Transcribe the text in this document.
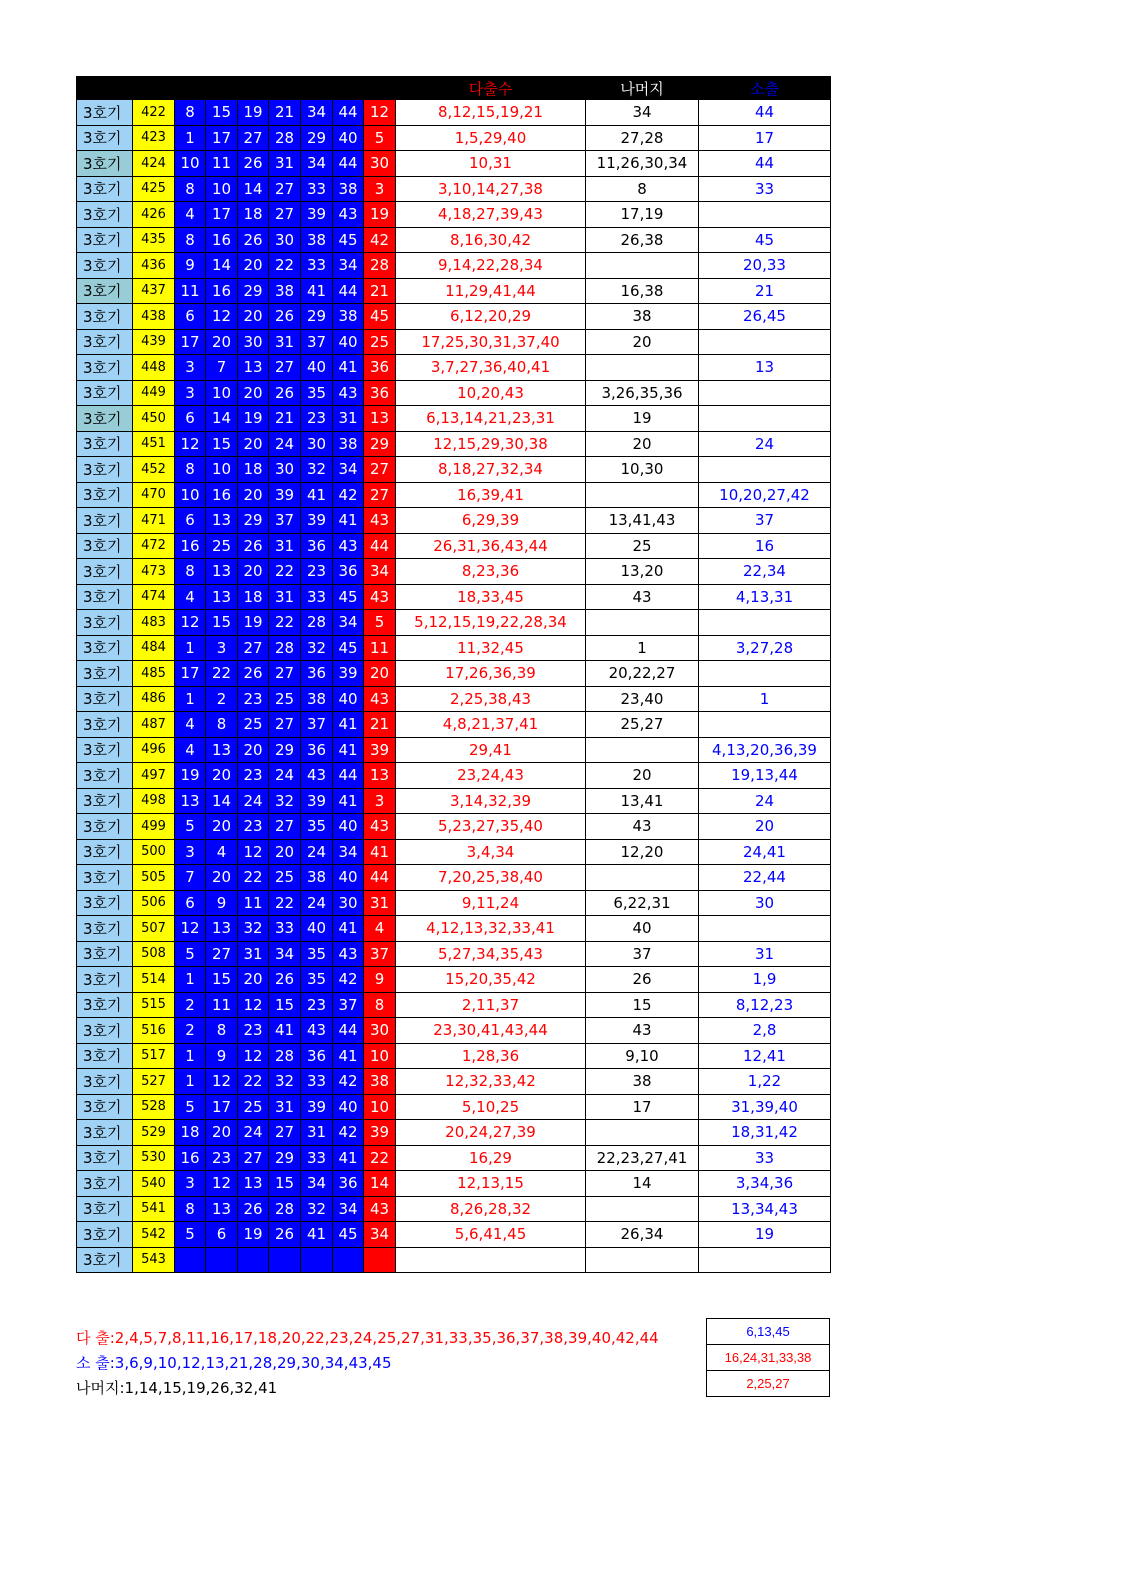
									다출수	나머지	소출
3호기	422	8	15	19	21	34	44	12	8,12,15,19,21	34	44
3호기	423	1	17	27	28	29	40	5	1,5,29,40	27,28	17
3호기	424	10	11	26	31	34	44	30	10,31	11,26,30,34	44
3호기	425	8	10	14	27	33	38	3	3,10,14,27,38	8	33
3호기	426	4	17	18	27	39	43	19	4,18,27,39,43	17,19	
3호기	435	8	16	26	30	38	45	42	8,16,30,42	26,38	45
3호기	436	9	14	20	22	33	34	28	9,14,22,28,34		20,33
3호기	437	11	16	29	38	41	44	21	11,29,41,44	16,38	21
3호기	438	6	12	20	26	29	38	45	6,12,20,29	38	26,45
3호기	439	17	20	30	31	37	40	25	17,25,30,31,37,40	20	
3호기	448	3	7	13	27	40	41	36	3,7,27,36,40,41		13
3호기	449	3	10	20	26	35	43	36	10,20,43	3,26,35,36	
3호기	450	6	14	19	21	23	31	13	6,13,14,21,23,31	19	
3호기	451	12	15	20	24	30	38	29	12,15,29,30,38	20	24
3호기	452	8	10	18	30	32	34	27	8,18,27,32,34	10,30	
3호기	470	10	16	20	39	41	42	27	16,39,41		10,20,27,42
3호기	471	6	13	29	37	39	41	43	6,29,39	13,41,43	37
3호기	472	16	25	26	31	36	43	44	26,31,36,43,44	25	16
3호기	473	8	13	20	22	23	36	34	8,23,36	13,20	22,34
3호기	474	4	13	18	31	33	45	43	18,33,45	43	4,13,31
3호기	483	12	15	19	22	28	34	5	5,12,15,19,22,28,34		
3호기	484	1	3	27	28	32	45	11	11,32,45	1	3,27,28
3호기	485	17	22	26	27	36	39	20	17,26,36,39	20,22,27	
3호기	486	1	2	23	25	38	40	43	2,25,38,43	23,40	1
3호기	487	4	8	25	27	37	41	21	4,8,21,37,41	25,27	
3호기	496	4	13	20	29	36	41	39	29,41		4,13,20,36,39
3호기	497	19	20	23	24	43	44	13	23,24,43	20	19,13,44
3호기	498	13	14	24	32	39	41	3	3,14,32,39	13,41	24
3호기	499	5	20	23	27	35	40	43	5,23,27,35,40	43	20
3호기	500	3	4	12	20	24	34	41	3,4,34	12,20	24,41
3호기	505	7	20	22	25	38	40	44	7,20,25,38,40		22,44
3호기	506	6	9	11	22	24	30	31	9,11,24	6,22,31	30
3호기	507	12	13	32	33	40	41	4	4,12,13,32,33,41	40	
3호기	508	5	27	31	34	35	43	37	5,27,34,35,43	37	31
3호기	514	1	15	20	26	35	42	9	15,20,35,42	26	1,9
3호기	515	2	11	12	15	23	37	8	2,11,37	15	8,12,23
3호기	516	2	8	23	41	43	44	30	23,30,41,43,44	43	2,8
3호기	517	1	9	12	28	36	41	10	1,28,36	9,10	12,41
3호기	527	1	12	22	32	33	42	38	12,32,33,42	38	1,22
3호기	528	5	17	25	31	39	40	10	5,10,25	17	31,39,40
3호기	529	18	20	24	27	31	42	39	20,24,27,39		18,31,42
3호기	530	16	23	27	29	33	41	22	16,29	22,23,27,41	33
3호기	540	3	12	13	15	34	36	14	12,13,15	14	3,34,36
3호기	541	8	13	26	28	32	34	43	8,26,28,32		13,34,43
3호기	542	5	6	19	26	41	45	34	5,6,41,45	26,34	19
3호기	543										
다 출:2,4,5,7,8,11,16,17,18,20,22,23,24,25,27,31,33,35,36,37,38,39,40,42,44
소 출:3,6,9,10,12,13,21,28,29,30,34,43,45
나머지:1,14,15,19,26,32,41
6,13,45
16,24,31,33,38
2,25,27
